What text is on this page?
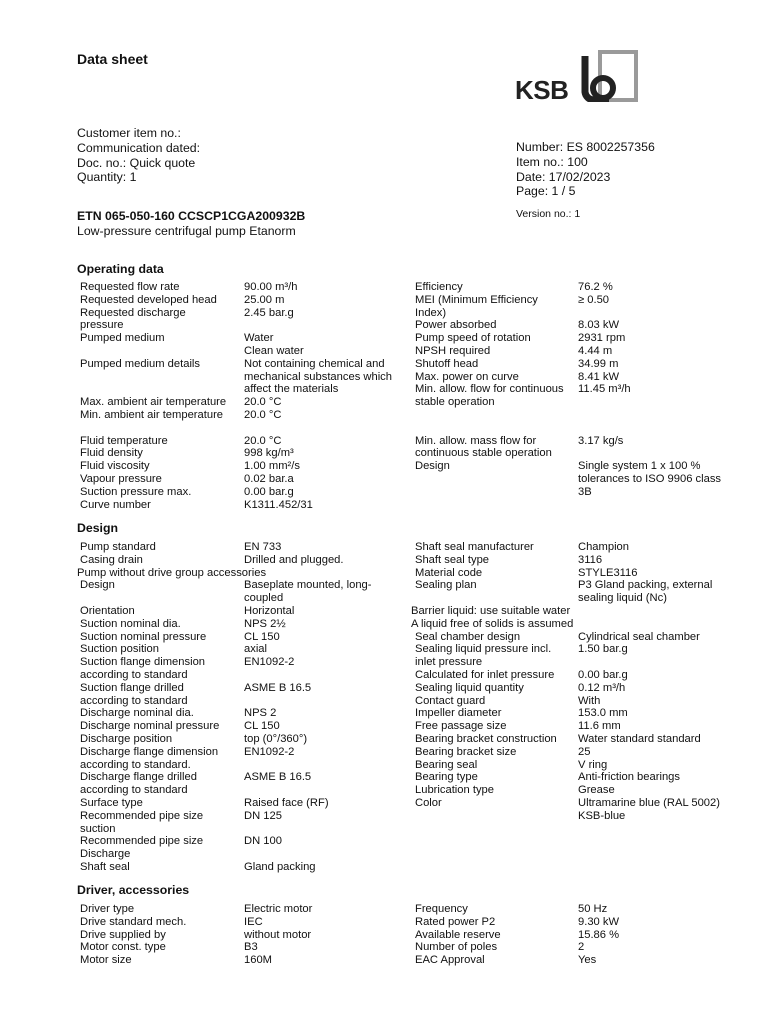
Data sheet
KSB
Customer item no.:
Communication dated:
Doc. no.: Quick quote
Quantity: 1
Number: ES 8002257356
Item no.: 100
Date: 17/02/2023
Page: 1 / 5
Version no.: 1
ETN 065-050-160 CCSCP1CGA200932B
Low-pressure centrifugal pump Etanorm
Operating data
Design
Driver, accessories
Requested flow rate
Requested developed head
Requested discharge
pressure
Pumped medium
Pumped medium details
Max. ambient air temperature
Min. ambient air temperature
Fluid temperature
Fluid density
Fluid viscosity
Vapour pressure
Suction pressure max.
Curve number
90.00 m³/h
25.00 m
2.45 bar.g
Water
Clean water
Not containing chemical and
mechanical substances which
affect the materials
20.0 °C
20.0 °C
20.0 °C
998 kg/m³
1.00 mm²/s
0.02 bar.a
0.00 bar.g
K1311.452/31
Efficiency
MEI (Minimum Efficiency
Index)
Power absorbed
Pump speed of rotation
NPSH required
Shutoff head
Max. power on curve
Min. allow. flow for continuous
stable operation
Min. allow. mass flow for
continuous stable operation
Design
76.2 %
≥ 0.50
8.03 kW
2931 rpm
4.44 m
34.99 m
8.41 kW
11.45 m³/h
3.17 kg/s
Single system 1 x 100 %
tolerances to ISO 9906 class
3B
Pump standard
Casing drain
Design
Orientation
Suction nominal dia.
Suction nominal pressure
Suction position
Suction flange dimension
according to standard
Suction flange drilled
according to standard
Discharge nominal dia.
Discharge nominal pressure
Discharge position
Discharge flange dimension
according to standard.
Discharge flange drilled
according to standard
Surface type
Recommended pipe size
suction
Recommended pipe size
Discharge
Shaft seal
EN 733
Drilled and plugged.
Baseplate mounted, long-
coupled
Horizontal
NPS 2½
CL 150
axial
EN1092-2
ASME B 16.5
NPS 2
CL 150
top (0°/360°)
EN1092-2
ASME B 16.5
Raised face (RF)
DN 125
DN 100
Gland packing
Shaft seal manufacturer
Shaft seal type
Material code
Sealing plan
Seal chamber design
Sealing liquid pressure incl.
inlet pressure
Calculated for inlet pressure
Sealing liquid quantity
Contact guard
Impeller diameter
Free passage size
Bearing bracket construction
Bearing bracket size
Bearing seal
Bearing type
Lubrication type
Color
Champion
3116
STYLE3116
P3 Gland packing, external
sealing liquid (Nc)
Cylindrical seal chamber
1.50 bar.g
0.00 bar.g
0.12 m³/h
With
153.0 mm
11.6 mm
Water standard standard
25
V ring
Anti-friction bearings
Grease
Ultramarine blue (RAL 5002)
KSB-blue
Driver type
Drive standard mech.
Drive supplied by
Motor const. type
Motor size
Electric motor
IEC
without motor
B3
160M
Frequency
Rated power P2
Available reserve
Number of poles
EAC Approval
50 Hz
9.30 kW
15.86 %
2
Yes
Pump without drive group accessories
Barrier liquid: use suitable water
A liquid free of solids is assumed
